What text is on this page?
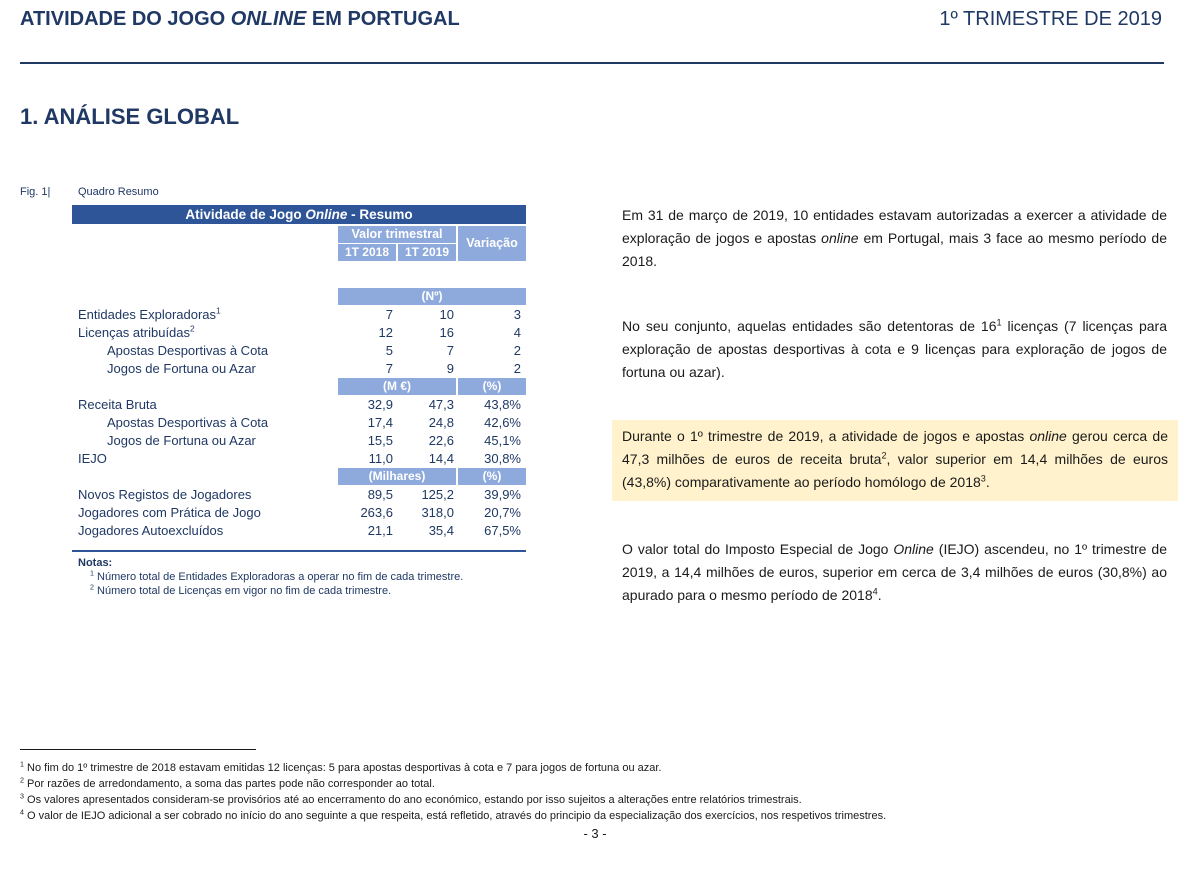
ATIVIDADE DO JOGO ONLINE EM PORTUGAL	1º TRIMESTRE DE 2019
1. ANÁLISE GLOBAL
Fig. 1|	Quadro Resumo
Atividade de Jogo Online - Resumo
Valor trimestral
1T 2018	1T 2019
Variação
(Nº)
Entidades Exploradoras$^1$	7	10	3
Licenças atribuídas$^2$	12	16	4
Apostas Desportivas à Cota	5	7	2
Jogos de Fortuna ou Azar	7	9	2
(M €)	(%)
Receita Bruta	32,9	47,3	43,8%
Apostas Desportivas à Cota	17,4	24,8	42,6%
Jogos de Fortuna ou Azar	15,5	22,6	45,1%
IEJO	11,0	14,4	30,8%
(Milhares)	(%)
Novos Registos de Jogadores	89,5	125,2	39,9%
Jogadores com Prática de Jogo	263,6	318,0	20,7%
Jogadores Autoexcluídos	21,1	35,4	67,5%
Notas:
$^1$ Número total de Entidades Exploradoras a operar no fim de cada trimestre.
$^2$ Número total de Licenças em vigor no fim de cada trimestre.
Em 31 de março de 2019, 10 entidades estavam autorizadas a exercer a atividade de exploração de jogos e apostas online em Portugal, mais 3 face ao mesmo período de 2018.
No seu conjunto, aquelas entidades são detentoras de $16^1$ licenças (7 licenças para exploração de apostas desportivas à cota e 9 licenças para exploração de jogos de fortuna ou azar).
Durante o 1º trimestre de 2019, a atividade de jogos e apostas online gerou cerca de 47,3 milhões de euros de receita bruta$^2$, valor superior em 14,4 milhões de euros (43,8%) comparativamente ao período homólogo de 2018$^3$.
O valor total do Imposto Especial de Jogo Online (IEJO) ascendeu, no 1º trimestre de 2019, a 14,4 milhões de euros, superior em cerca de 3,4 milhões de euros (30,8%) ao apurado para o mesmo período de 2018$^4$.
$^1$ No fim do 1º trimestre de 2018 estavam emitidas 12 licenças: 5 para apostas desportivas à cota e 7 para jogos de fortuna ou azar.
$^2$ Por razões de arredondamento, a soma das partes pode não corresponder ao total.
$^3$ Os valores apresentados consideram-se provisórios até ao encerramento do ano económico, estando por isso sujeitos a alterações entre relatórios trimestrais.
$^4$ O valor de IEJO adicional a ser cobrado no início do ano seguinte a que respeita, está refletido, através do principio da especialização dos exercícios, nos respetivos trimestres.
- 3 -
